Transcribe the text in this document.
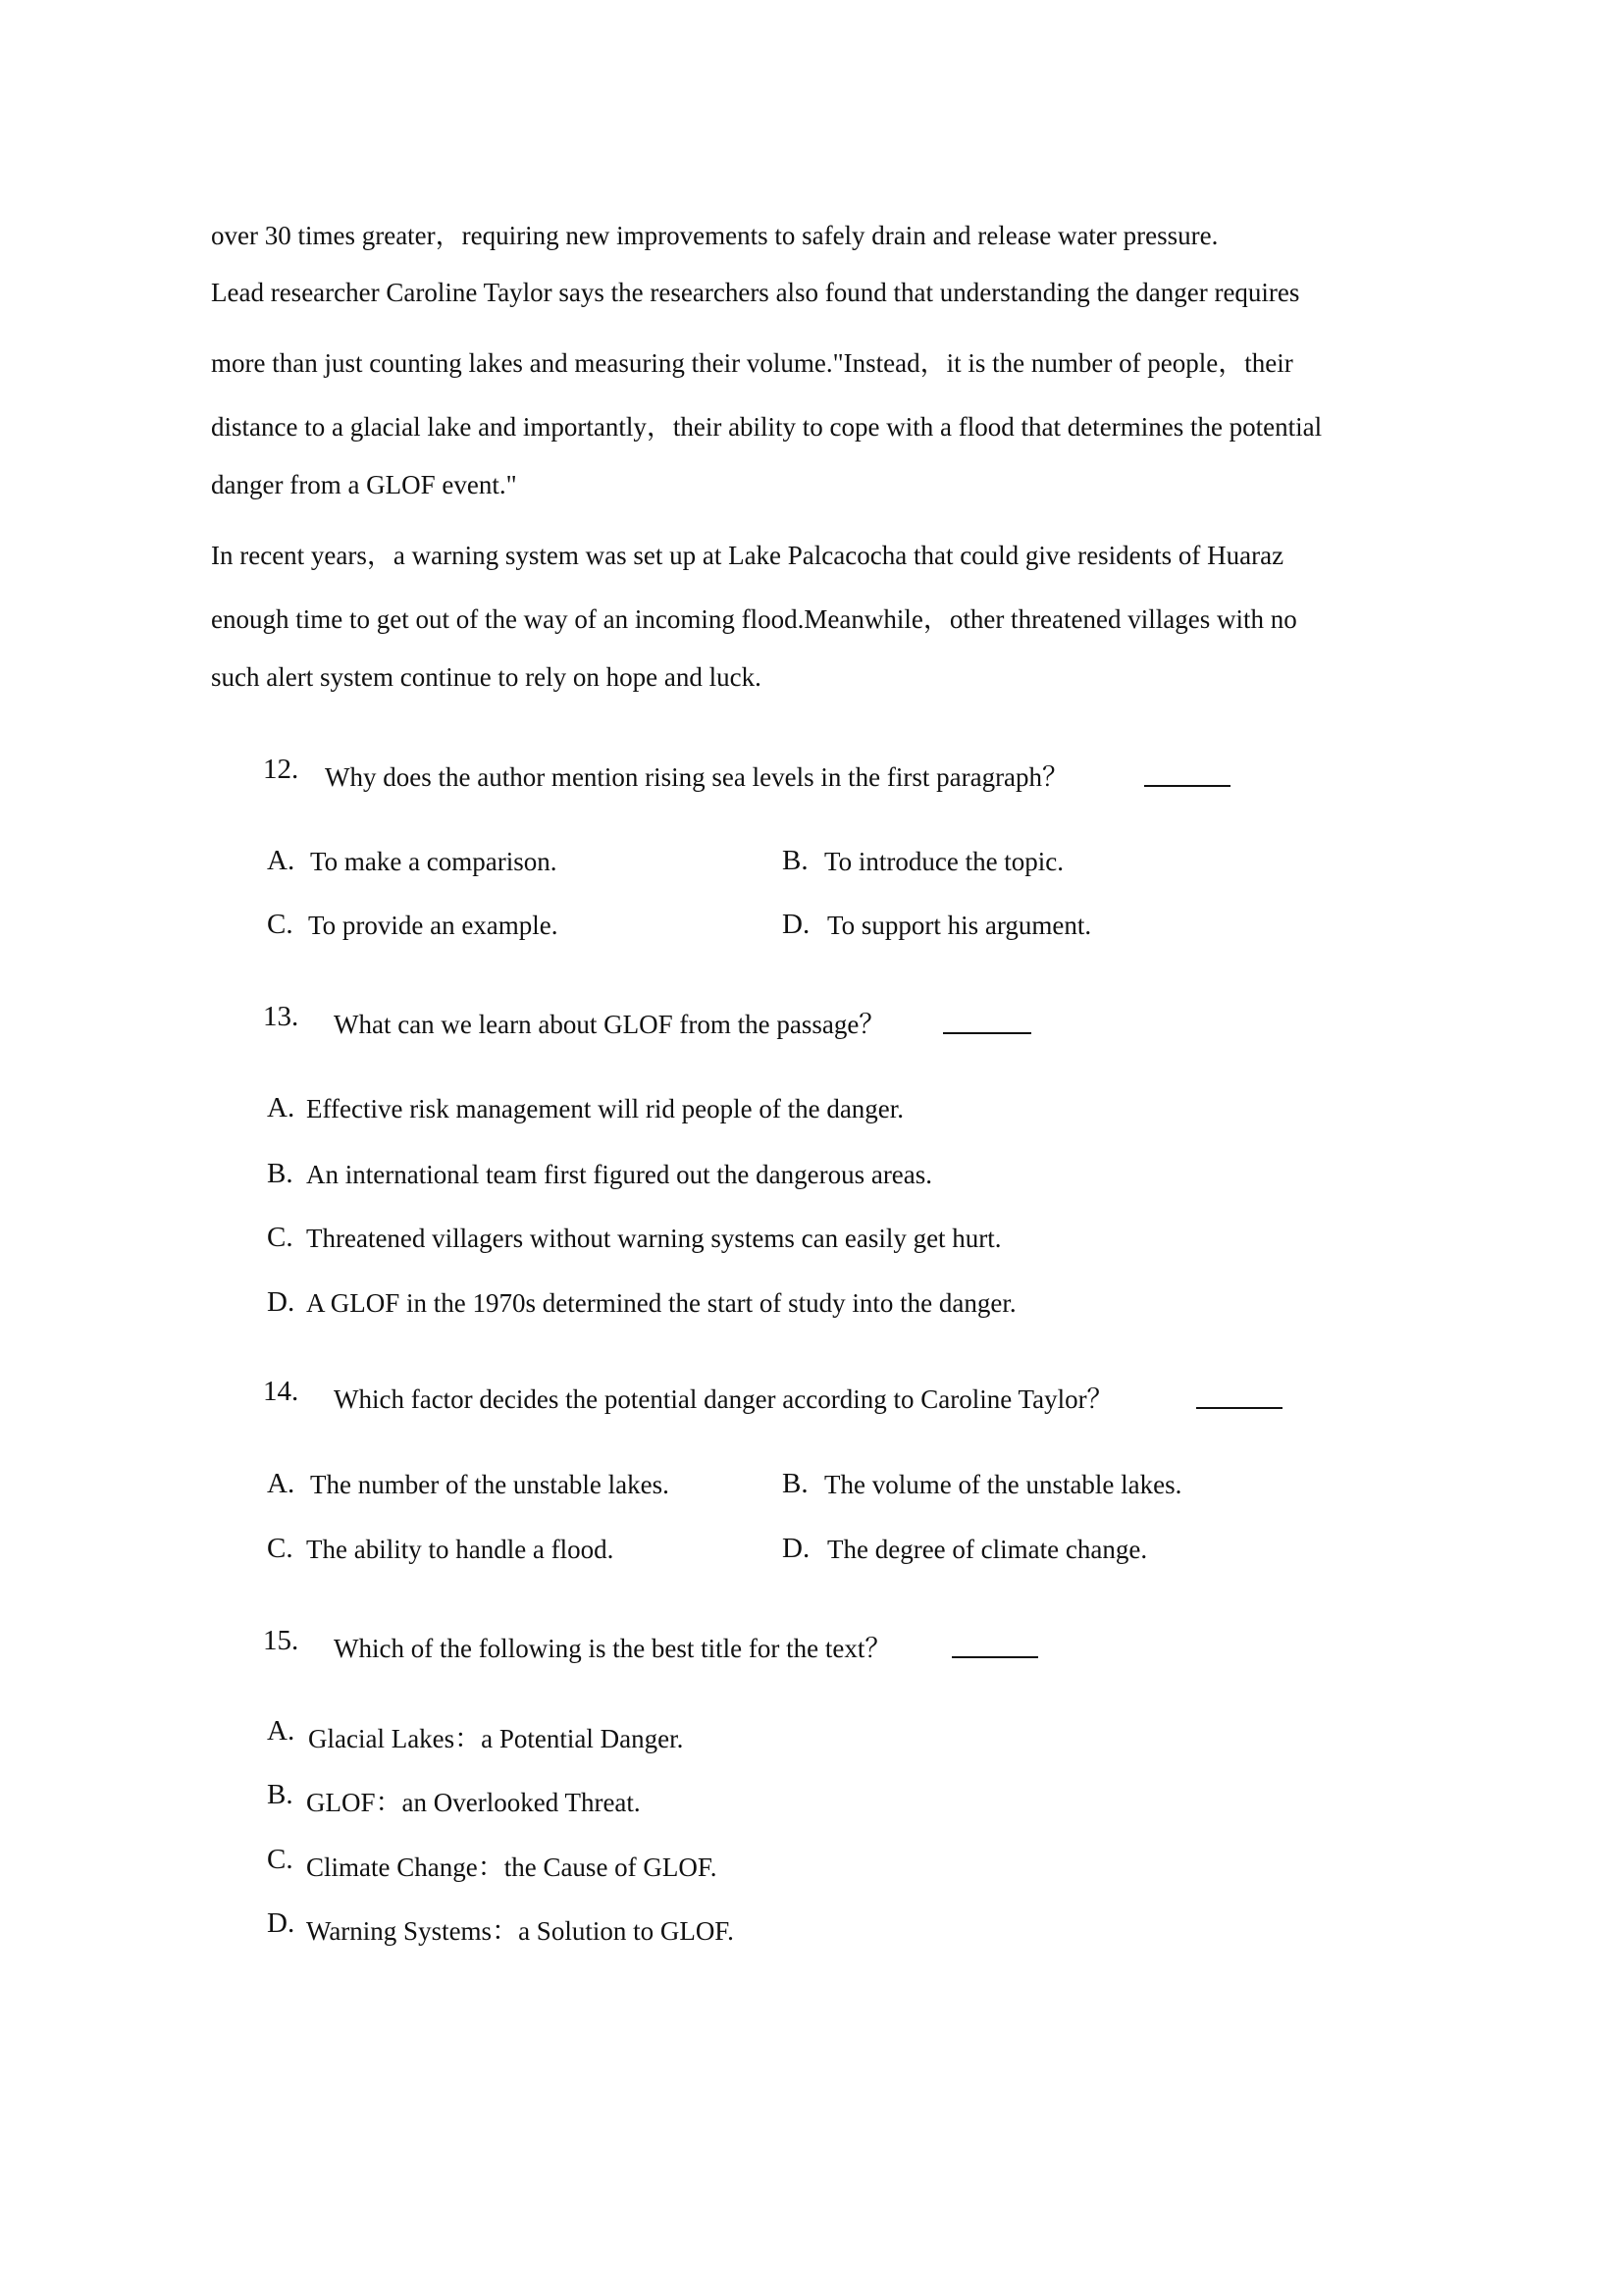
over 30 times greater，requiring new improvements to safely drain and release water pressure.
Lead researcher Caroline Taylor says the researchers also found that understanding the danger requires
more than just counting lakes and measuring their volume."Instead，it is the number of people，their
distance to a glacial lake and importantly，their ability to cope with a flood that determines the potential
danger from a GLOF event."
In recent years，a warning system was set up at Lake Palcacocha that could give residents of Huaraz
enough time to get out of the way of an incoming flood.Meanwhile，other threatened villages with no
such alert system continue to rely on hope and luck.
12. Why does the author mention rising sea levels in the first paragraph？
A. To make a comparison.	B. To introduce the topic.
C. To provide an example.	D. To support his argument.
13. What can we learn about GLOF from the passage？
A. Effective risk management will rid people of the danger.
B. An international team first figured out the dangerous areas.
C. Threatened villagers without warning systems can easily get hurt.
D. A GLOF in the 1970s determined the start of study into the danger.
14. Which factor decides the potential danger according to Caroline Taylor？
A. The number of the unstable lakes.	B. The volume of the unstable lakes.
C. The ability to handle a flood.	D. The degree of climate change.
15. Which of the following is the best title for the text？
A. Glacial Lakes：a Potential Danger.
B. GLOF：an Overlooked Threat.
C. Climate Change：the Cause of GLOF.
D. Warning Systems：a Solution to GLOF.
